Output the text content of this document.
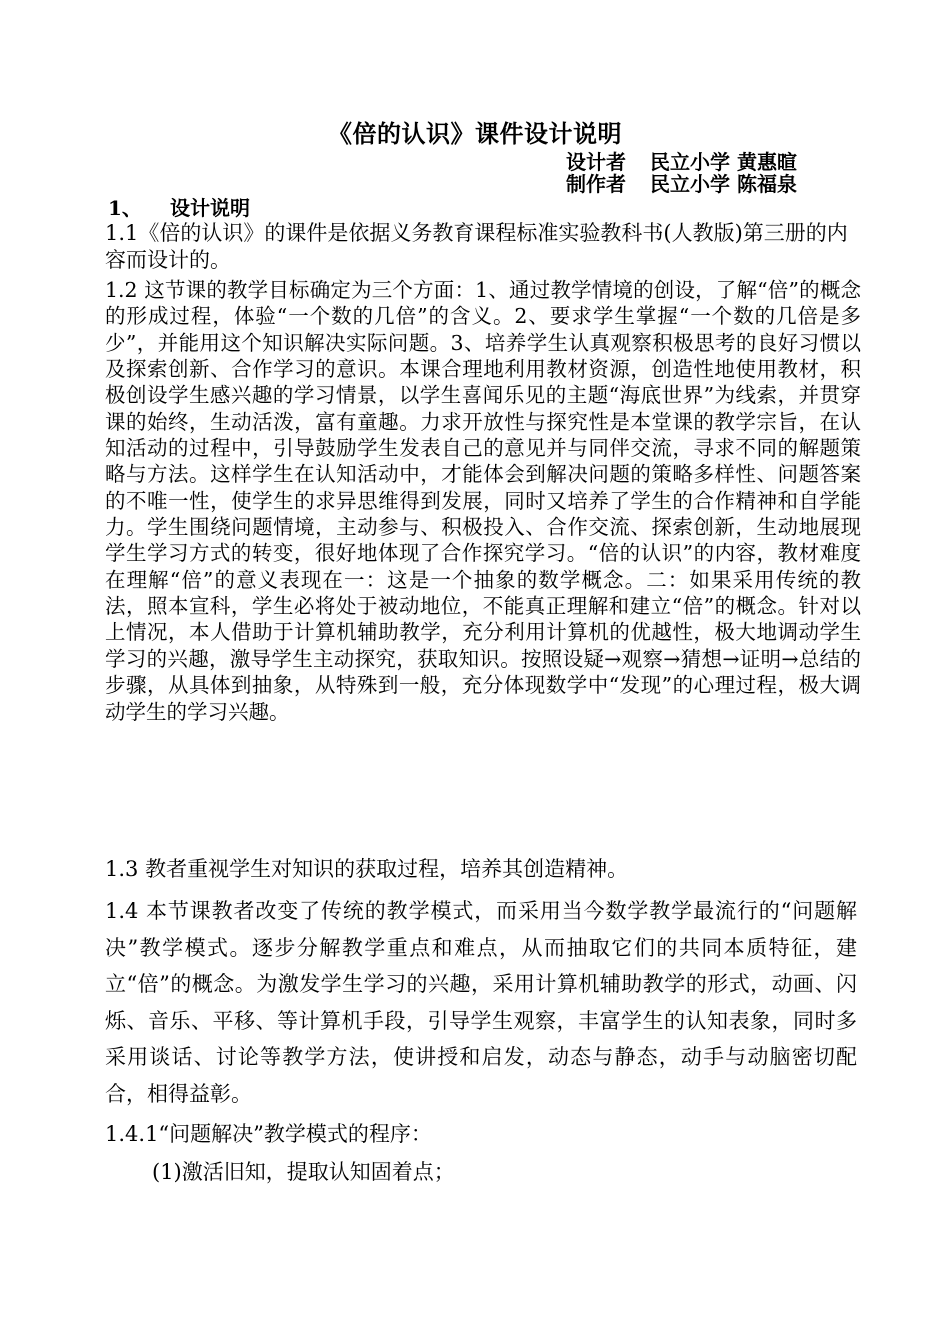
《倍的认识》课件设计说明
设计者 民立小学 黄惠暄
制作者 民立小学 陈福泉
1、 设计说明
1.1《倍的认识》的课件是依据义务教育课程标准实验教科书(人教版)第三册的内容而设计的。
1.2 这节课的教学目标确定为三个方面：1、通过教学情境的创设，了解“倍”的概念的形成过程，体验“一个数的几倍”的含义。2、要求学生掌握“一个数的几倍是多少”，并能用这个知识解决实际问题。3、培养学生认真观察积极思考的良好习惯以及探索创新、合作学习的意识。本课合理地利用教材资源，创造性地使用教材，积极创设学生感兴趣的学习情景，以学生喜闻乐见的主题“海底世界”为线索，并贯穿课的始终，生动活泼，富有童趣。力求开放性与探究性是本堂课的教学宗旨，在认知活动的过程中，引导鼓励学生发表自己的意见并与同伴交流，寻求不同的解题策略与方法。这样学生在认知活动中，才能体会到解决问题的策略多样性、问题答案的不唯一性，使学生的求异思维得到发展，同时又培养了学生的合作精神和自学能力。学生围绕问题情境，主动参与、积极投入、合作交流、探索创新，生动地展现学生学习方式的转变，很好地体现了合作探究学习。“倍的认识”的内容，教材难度在理解“倍”的意义表现在一：这是一个抽象的数学概念。二：如果采用传统的教法，照本宣科，学生必将处于被动地位，不能真正理解和建立“倍”的概念。针对以上情况，本人借助于计算机辅助教学，充分利用计算机的优越性，极大地调动学生学习的兴趣，激导学生主动探究，获取知识。按照设疑→观察→猜想→证明→总结的步骤，从具体到抽象，从特殊到一般，充分体现数学中“发现”的心理过程，极大调动学生的学习兴趣。
1.3 教者重视学生对知识的获取过程，培养其创造精神。
1.4 本节课教者改变了传统的教学模式，而采用当今数学教学最流行的“问题解决”教学模式。逐步分解教学重点和难点，从而抽取它们的共同本质特征，建立“倍”的概念。为激发学生学习的兴趣，采用计算机辅助教学的形式，动画、闪烁、音乐、平移、等计算机手段，引导学生观察，丰富学生的认知表象，同时多采用谈话、讨论等教学方法，使讲授和启发，动态与静态，动手与动脑密切配合，相得益彰。
1.4.1“问题解决”教学模式的程序：
(1)激活旧知，提取认知固着点；
